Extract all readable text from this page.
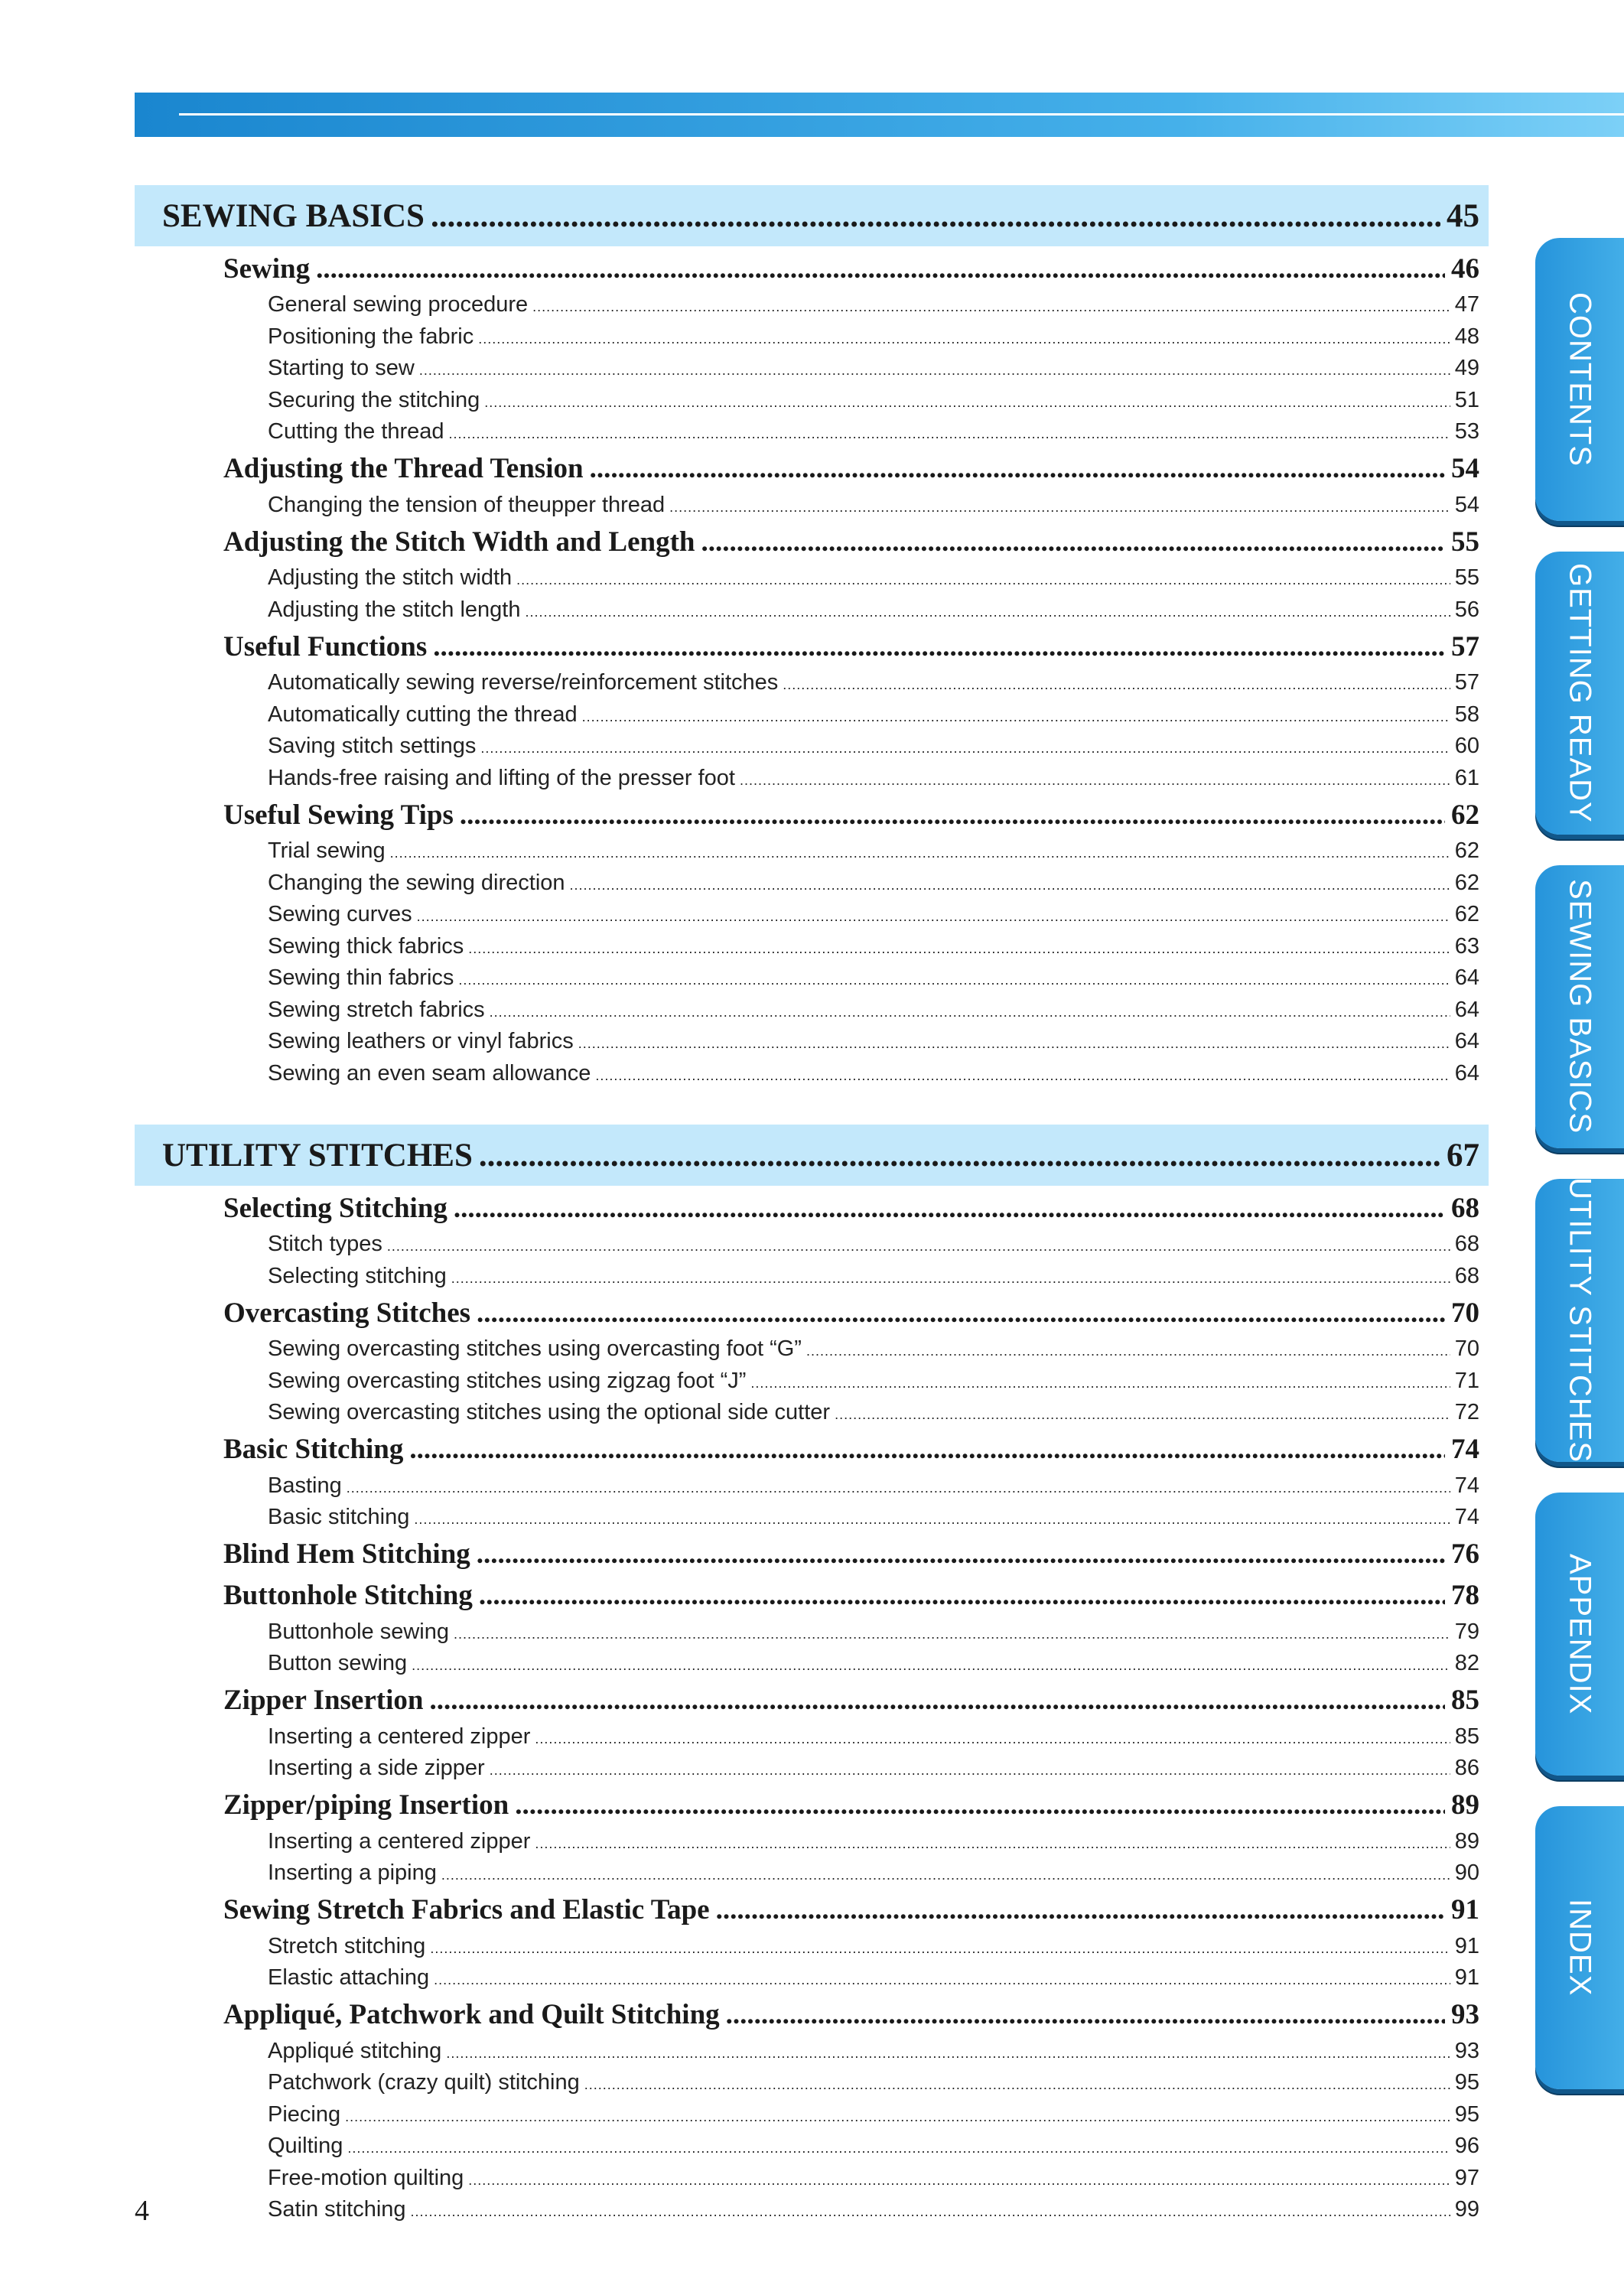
SEWING BASICS .....	45
Sewing .....	46
General sewing procedure .....	47
Positioning the fabric .....	48
Starting to sew .....	49
Securing the stitching .....	51
Cutting the thread .....	53
Adjusting the Thread Tension .....	54
Changing the tension of theupper thread .....	54
Adjusting the Stitch Width and Length .....	55
Adjusting the stitch width .....	55
Adjusting the stitch length .....	56
Useful Functions .....	57
Automatically sewing reverse/reinforcement stitches .....	57
Automatically cutting the thread .....	58
Saving stitch settings .....	60
Hands-free raising and lifting of the presser foot .....	61
Useful Sewing Tips .....	62
Trial sewing .....	62
Changing the sewing direction .....	62
Sewing curves .....	62
Sewing thick fabrics .....	63
Sewing thin fabrics .....	64
Sewing stretch fabrics .....	64
Sewing leathers or vinyl fabrics .....	64
Sewing an even seam allowance .....	64
UTILITY STITCHES .....	67
Selecting Stitching .....	68
Stitch types .....	68
Selecting stitching .....	68
Overcasting Stitches .....	70
Sewing overcasting stitches using overcasting foot “G” .....	70
Sewing overcasting stitches using zigzag foot “J” .....	71
Sewing overcasting stitches using the optional side cutter .....	72
Basic Stitching .....	74
Basting .....	74
Basic stitching .....	74
Blind Hem Stitching .....	76
Buttonhole Stitching .....	78
Buttonhole sewing .....	79
Button sewing .....	82
Zipper Insertion .....	85
Inserting a centered zipper .....	85
Inserting a side zipper .....	86
Zipper/piping Insertion .....	89
Inserting a centered zipper .....	89
Inserting a piping .....	90
Sewing Stretch Fabrics and Elastic Tape .....	91
Stretch stitching .....	91
Elastic attaching .....	91
Appliqué, Patchwork and Quilt Stitching .....	93
Appliqué stitching .....	93
Patchwork (crazy quilt) stitching .....	95
Piecing .....	95
Quilting .....	96
Free-motion quilting .....	97
Satin stitching .....	99
CONTENTS
GETTING READY
SEWING BASICS
UTILITY STITCHES
APPENDIX
INDEX
4
